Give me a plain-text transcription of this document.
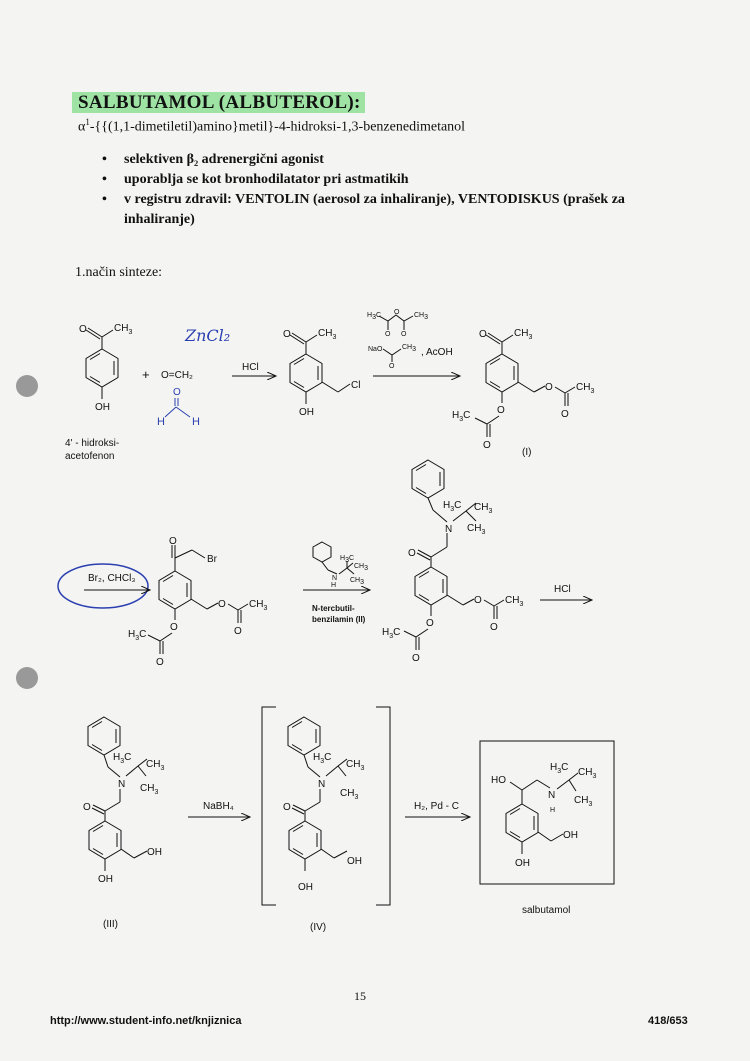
SALBUTAMOL (ALBUTEROL):
$\alpha^1-\{\{(1,1-dimetiletil)amino\}metil\}-4-hidroksi-1,3$-benzenedimetanol
• selektiven β₂ adrenergični agonist
• uporablja se kot bronhodilatator pri astmatikih
• v registru zdravil: VENTOLIN (aerosol za inhaliranje), VENTODISKUS (prašek za inhaliranje)
1.način sinteze:
O	$CH_3$
OH
4' - hidroksi-
acetofenon
+ O=CH₂
ZnCl₂
O
H H
HCl
O	$CH_3$
Cl
OH
H3C O
O O
CH3
NaO
O
CH3 , AcOH
O	$CH_3$
O
O
$CH_3$
O
$H_3C$
O
(I)
Br₂, CHCl₃
O
Br
O
O
$CH_3$
O
$H_3C$
O
N
H
H3C
CH3
CH3
N-tercbutil-
benzilamin (II)
N
$H_3C$ $CH_3$
$CH_3$
O
O
O
$CH_3$
O
$H_3C$
O
HCl
N
$H_3C$
$CH_3$
$CH_3$
O
OH
OH
(III)
NaBH₄
N
$H_3C$
$CH_3$
$CH_3$
O
OH
OH
(IV)
H₂, Pd - C
HO
N
H
$H_3C$ $CH_3$
$CH_3$
OH
OH
salbutamol
15
http://www.student-info.net/knjiznica	418/653
